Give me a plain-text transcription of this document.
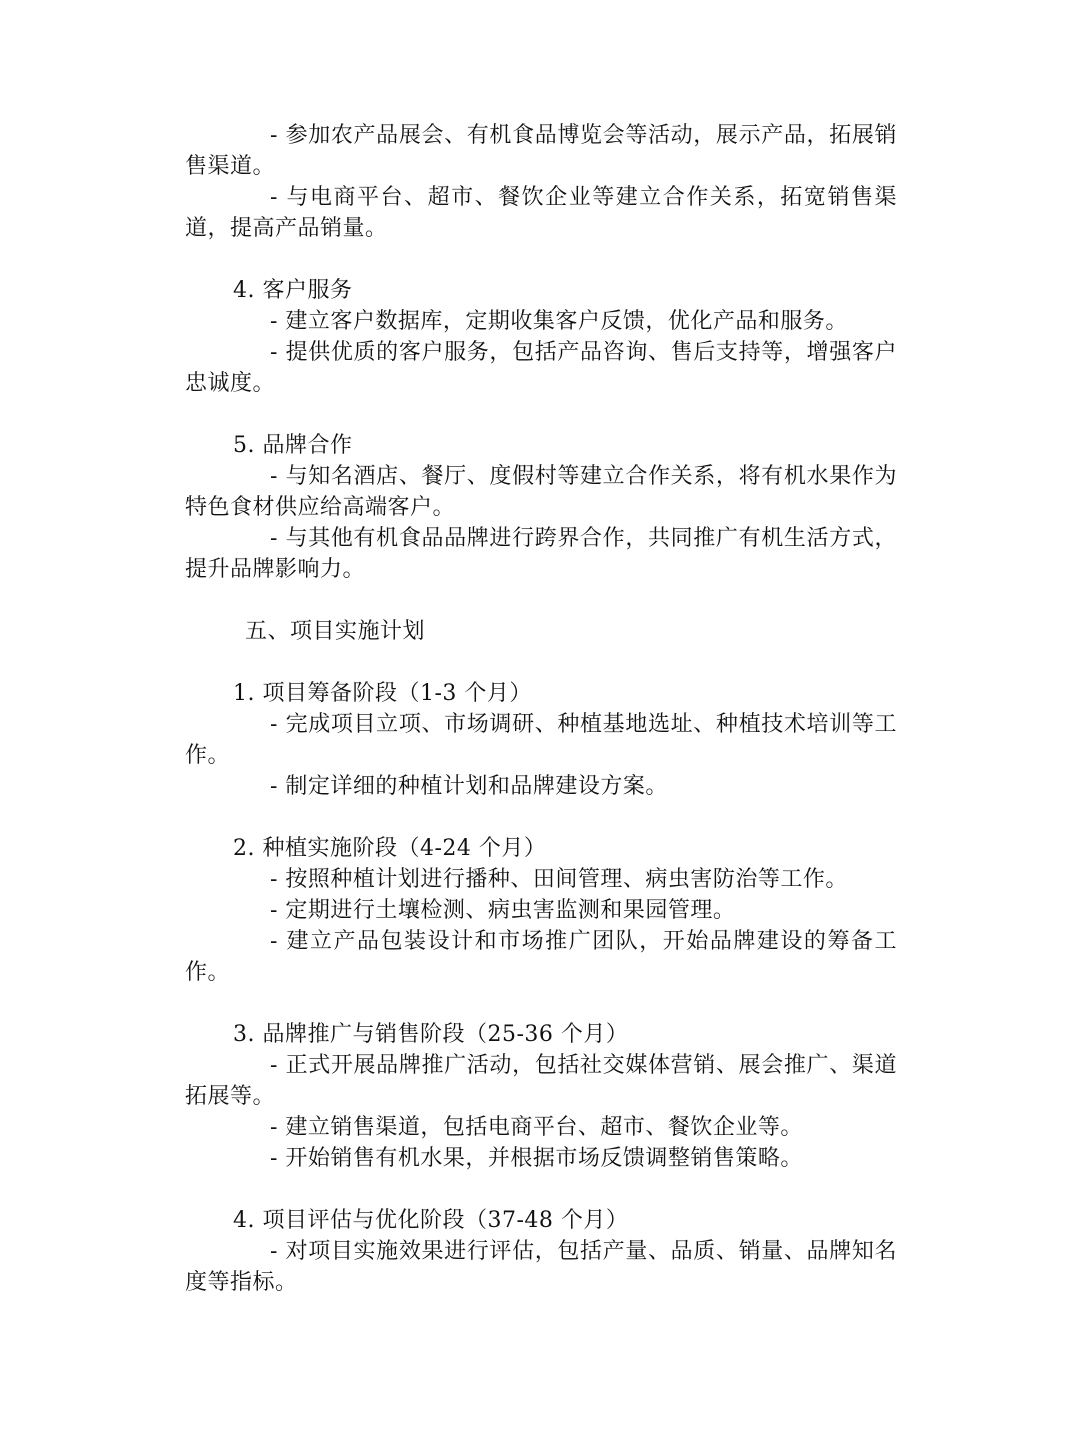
- 参加农产品展会、有机食品博览会等活动，展示产品，拓展销售渠道。

- 与电商平台、超市、餐饮企业等建立合作关系，拓宽销售渠道，提高产品销量。

4. 客户服务

- 建立客户数据库，定期收集客户反馈，优化产品和服务。

- 提供优质的客户服务，包括产品咨询、售后支持等，增强客户忠诚度。

5. 品牌合作

- 与知名酒店、餐厅、度假村等建立合作关系，将有机水果作为特色食材供应给高端客户。

- 与其他有机食品品牌进行跨界合作，共同推广有机生活方式，提升品牌影响力。

五、项目实施计划

1. 项目筹备阶段（1-3 个月）

- 完成项目立项、市场调研、种植基地选址、种植技术培训等工作。

- 制定详细的种植计划和品牌建设方案。

2. 种植实施阶段（4-24 个月）

- 按照种植计划进行播种、田间管理、病虫害防治等工作。

- 定期进行土壤检测、病虫害监测和果园管理。

- 建立产品包装设计和市场推广团队，开始品牌建设的筹备工作。

3. 品牌推广与销售阶段（25-36 个月）

- 正式开展品牌推广活动，包括社交媒体营销、展会推广、渠道拓展等。

- 建立销售渠道，包括电商平台、超市、餐饮企业等。

- 开始销售有机水果，并根据市场反馈调整销售策略。

4. 项目评估与优化阶段（37-48 个月）

- 对项目实施效果进行评估，包括产量、品质、销量、品牌知名度等指标。
